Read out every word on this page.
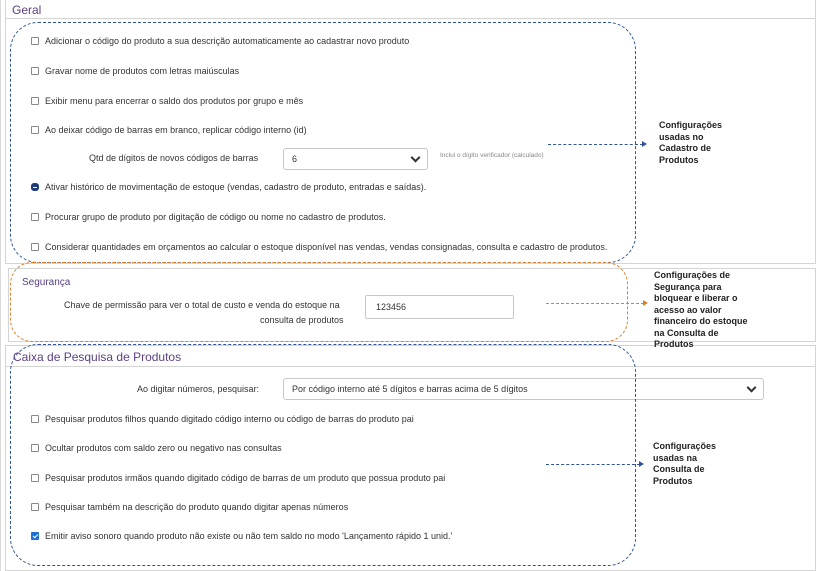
Geral
Adicionar o código do produto a sua descrição automaticamente ao cadastrar novo produto
Gravar nome de produtos com letras maiúsculas
Exibir menu para encerrar o saldo dos produtos por grupo e mês
Ao deixar código de barras em branco, replicar código interno (id)
Qtd de dígitos de novos códigos de barras	6	Inclui o dígito verificador (calculado)
Ativar histórico de movimentação de estoque (vendas, cadastro de produto, entradas e saídas).
Procurar grupo de produto por digitação de código ou nome no cadastro de produtos.
Considerar quantidades em orçamentos ao calcular o estoque disponível nas vendas, vendas consignadas, consulta e cadastro de produtos.
Segurança
Chave de permissão para ver o total de custo e venda do estoque na
consulta de produtos
123456
Caixa de Pesquisa de Produtos
Ao digitar números, pesquisar:	Por código interno até 5 dígitos e barras acima de 5 dígitos
Pesquisar produtos filhos quando digitado código interno ou código de barras do produto pai
Ocultar produtos com saldo zero ou negativo nas consultas
Pesquisar produtos irmãos quando digitado código de barras de um produto que possua produto pai
Pesquisar também na descrição do produto quando digitar apenas números
Emitir aviso sonoro quando produto não existe ou não tem saldo no modo 'Lançamento rápido 1 unid.'
Configurações
usadas no
Cadastro de
Produtos
Configurações de
Segurança para
bloquear e liberar o
acesso ao valor
financeiro do estoque
na Consulta de
Produtos
Configurações
usadas na
Consulta de
Produtos
